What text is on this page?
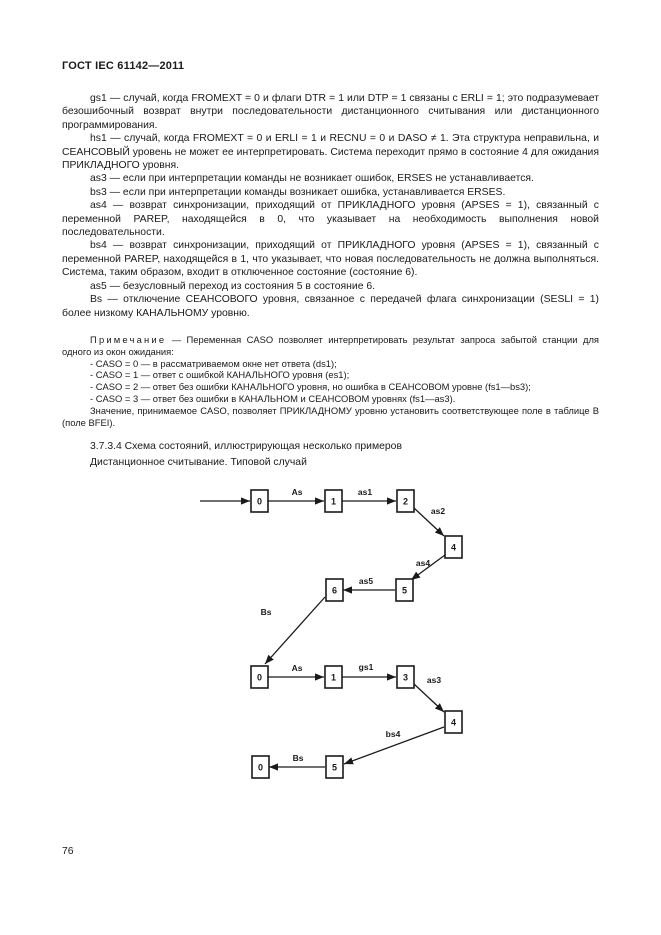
ГОСТ IEC 61142—2011

gs1 — случай, когда FROMEXT = 0 и флаги DTR = 1 или DTP = 1 связаны с ERLI = 1; это подразумевает безошибочный возврат внутри последовательности дистанционного считывания или дистанционного программирования.

hs1 — случай, когда FROMEXT = 0 и ERLI = 1 и RECNU = 0 и DASO ≠ 1. Эта структура неправильна, и СЕАНСОВЫЙ уровень не может ее интерпретировать. Система переходит прямо в состояние 4 для ожидания ПРИКЛАДНОГО уровня.

as3 — если при интерпретации команды не возникает ошибок, ERSES не устанавливается.

bs3 — если при интерпретации команды возникает ошибка, устанавливается ERSES.

as4 — возврат синхронизации, приходящий от ПРИКЛАДНОГО уровня (APSES = 1), связанный с переменной PAREP, находящейся в 0, что указывает на необходимость выполнения новой последовательности.

bs4 — возврат синхронизации, приходящий от ПРИКЛАДНОГО уровня (APSES = 1), связанный с переменной PAREP, находящейся в 1, что указывает, что новая последовательность не должна выполняться. Система, таким образом, входит в отключенное состояние (состояние 6).

as5 — безусловный переход из состояния 5 в состояние 6.

Bs — отключение СЕАНСОВОГО уровня, связанное с передачей флага синхронизации (SESLI = 1) более низкому КАНАЛЬНОМУ уровню.

Примечание — Переменная CASO позволяет интерпретировать результат запроса забытой станции для одного из окон ожидания:

- CASO = 0 — в рассматриваемом окне нет ответа (ds1);

- CASO = 1 — ответ с ошибкой КАНАЛЬНОГО уровня (es1);

- CASO = 2 — ответ без ошибки КАНАЛЬНОГО уровня, но ошибка в СЕАНСОВОМ уровне (fs1—bs3);

- CASO = 3 — ответ без ошибки в КАНАЛЬНОМ и СЕАНСОВОМ уровнях (fs1—as3).

Значение, принимаемое CASO, позволяет ПРИКЛАДНОМУ уровню установить соответствующее поле в таблице B (поле BFEI).

3.7.3.4 Схема состояний, иллюстрирующая несколько примеров
Дистанционное считывание. Типовой случай
0	1	2
4
5
6
0	1	3
4
5
0
As	as1
as2
as4
as5
Bs
As	gs1
as3
bs4
Bs
76
